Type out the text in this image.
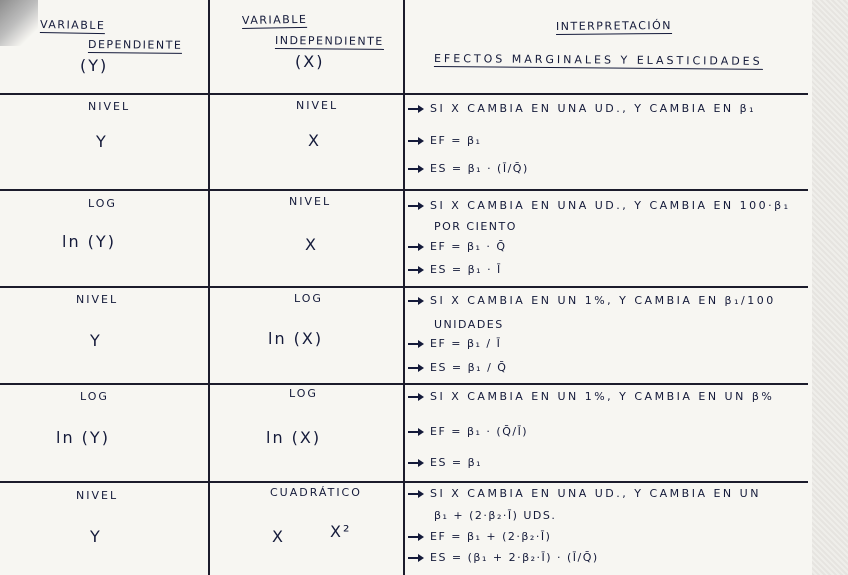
VARIABLE
DEPENDIENTE
(Y)
VARIABLE
INDEPENDIENTE
(X)
INTERPRETACIÓN
EFECTOS MARGINALES Y ELASTICIDADES
NIVEL
Y
NIVEL
X
SI X CAMBIA EN UNA UD., Y CAMBIA EN β₁
EF = β₁
ES = β₁ · (Ī/Q̄)
LOG
ln (Y)
NIVEL
X
SI X CAMBIA EN UNA UD., Y CAMBIA EN 100·β₁
POR CIENTO
EF = β₁ · Q̄
ES = β₁ · Ī
NIVEL
Y
LOG
ln (X)
SI X CAMBIA EN UN 1%, Y CAMBIA EN β₁/100
UNIDADES
EF = β₁ / Ī
ES = β₁ / Q̄
LOG
ln (Y)
LOG
ln (X)
SI X CAMBIA EN UN 1%, Y CAMBIA EN UN β%
EF = β₁ · (Q̄/Ī)
ES = β₁
NIVEL
Y
CUADRÁTICO
X	X²
SI X CAMBIA EN UNA UD., Y CAMBIA EN UN
β₁ + (2·β₂·Ī) UDS.
EF = β₁ + (2·β₂·Ī)
ES = (β₁ + 2·β₂·Ī) · (Ī/Q̄)
